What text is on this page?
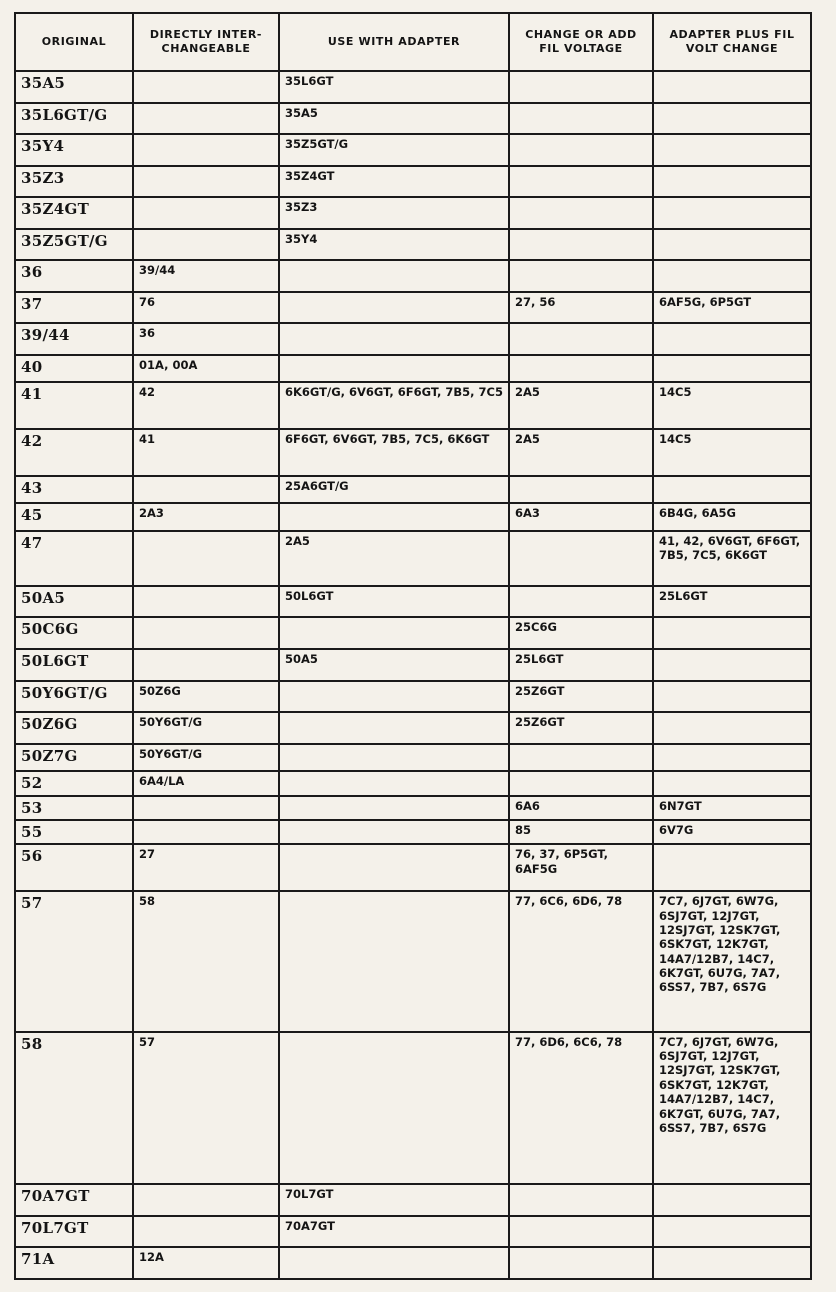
ORIGINAL	DIRECTLY INTER-CHANGEABLE	USE WITH ADAPTER	CHANGE OR ADD FIL VOLTAGE	ADAPTER PLUS FIL VOLT CHANGE
35A5		35L6GT		
35L6GT/G		35A5		
35Y4		35Z5GT/G		
35Z3		35Z4GT		
35Z4GT		35Z3		
35Z5GT/G		35Y4		
36	39/44			
37	76		27, 56	6AF5G, 6P5GT
39/44	36			
40	01A, 00A			
41	42	6K6GT/G, 6V6GT, 6F6GT, 7B5, 7C5	2A5	14C5
42	41	6F6GT, 6V6GT, 7B5, 7C5, 6K6GT	2A5	14C5
43		25A6GT/G		
45	2A3		6A3	6B4G, 6A5G
47		2A5		41, 42, 6V6GT, 6F6GT, 7B5, 7C5, 6K6GT
50A5		50L6GT		25L6GT
50C6G			25C6G	
50L6GT		50A5	25L6GT	
50Y6GT/G	50Z6G		25Z6GT	
50Z6G	50Y6GT/G		25Z6GT	
50Z7G	50Y6GT/G			
52	6A4/LA			
53			6A6	6N7GT
55			85	6V7G
56	27		76, 37, 6P5GT, 6AF5G	
57	58		77, 6C6, 6D6, 78	7C7, 6J7GT, 6W7G, 6SJ7GT, 12J7GT, 12SJ7GT, 12SK7GT, 6SK7GT, 12K7GT, 14A7/12B7, 14C7, 6K7GT, 6U7G, 7A7, 6SS7, 7B7, 6S7G
58	57		77, 6D6, 6C6, 78	7C7, 6J7GT, 6W7G, 6SJ7GT, 12J7GT, 12SJ7GT, 12SK7GT, 6SK7GT, 12K7GT, 14A7/12B7, 14C7, 6K7GT, 6U7G, 7A7, 6SS7, 7B7, 6S7G
70A7GT		70L7GT		
70L7GT		70A7GT		
71A	12A			
